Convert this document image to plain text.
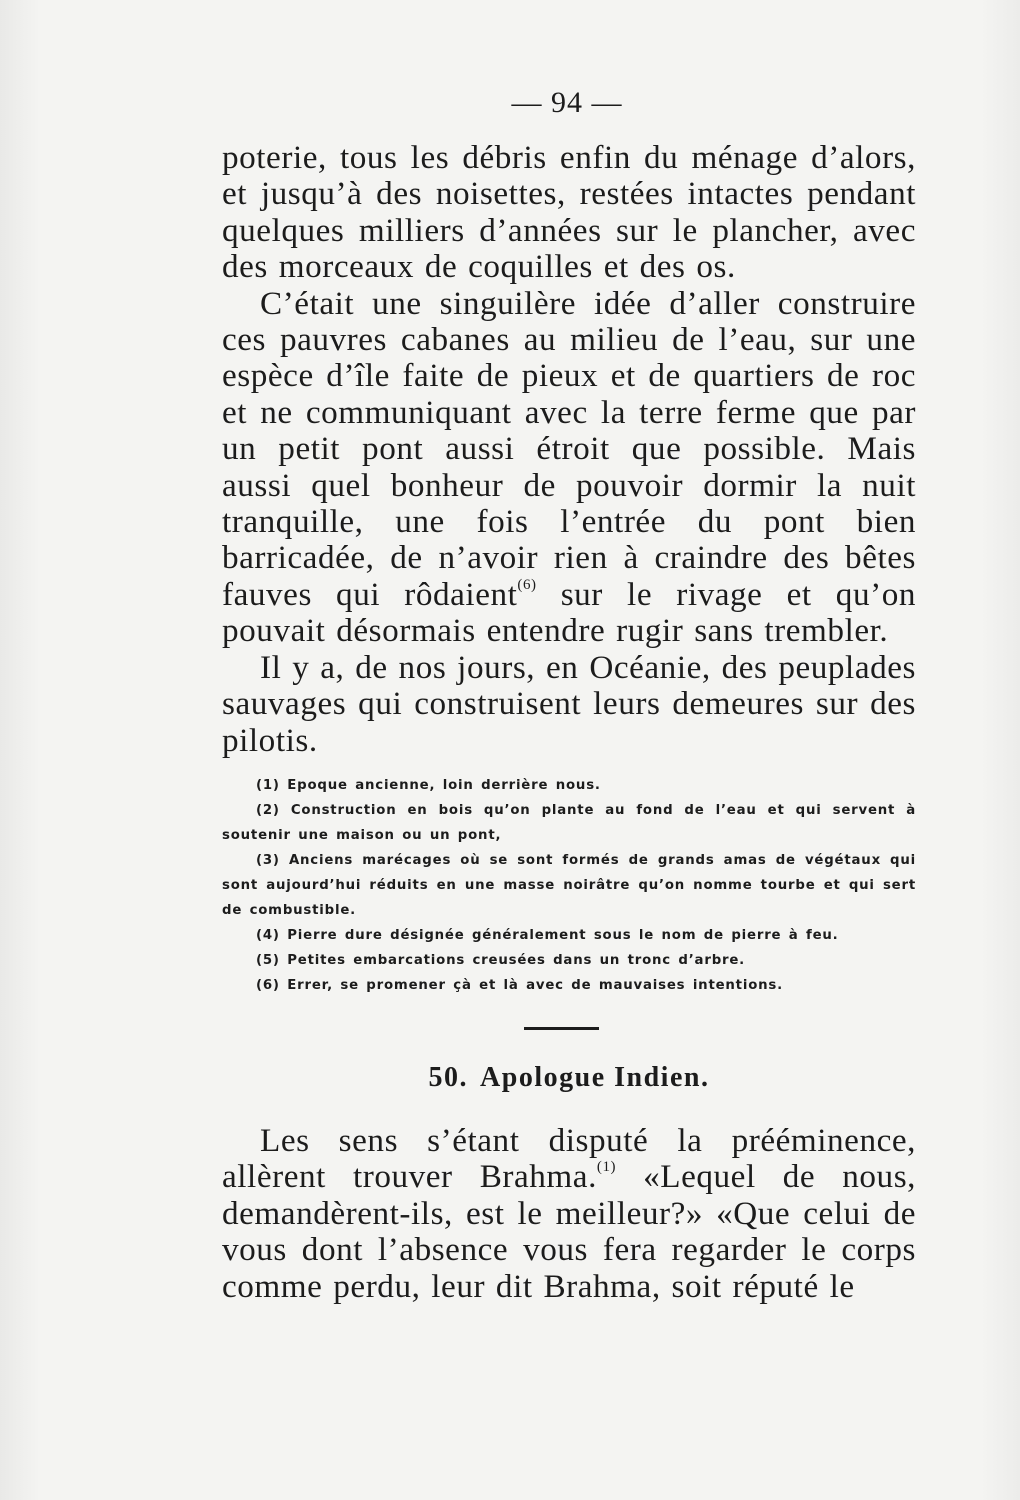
— 94 —

poterie, tous les débris enfin du ménage d’alors, et jusqu’à des noisettes, restées intactes pendant quelques milliers d’années sur le plancher, avec des morceaux de coquilles et des os.

C’était une singuilère idée d’aller construire ces pauvres cabanes au milieu de l’eau, sur une espèce d’île faite de pieux et de quartiers de roc et ne communiquant avec la terre ferme que par un petit pont aussi étroit que possible. Mais aussi quel bonheur de pouvoir dormir la nuit tranquille, une fois l’entrée du pont bien barricadée, de n’avoir rien à craindre des bêtes fauves qui rôdaient$^{(6)}$ sur le rivage et qu’on pouvait désormais entendre rugir sans trembler.

Il y a, de nos jours, en Océanie, des peuplades sauvages qui construisent leurs demeures sur des pilotis.

(1) Epoque ancienne, loin derrière nous.

(2) Construction en bois qu’on plante au fond de l’eau et qui servent à soutenir une maison ou un pont,

(3) Anciens marécages où se sont formés de grands amas de végétaux qui sont aujourd’hui réduits en une masse noirâtre qu’on nomme tourbe et qui sert de combustible.

(4) Pierre dure désignée généralement sous le nom de pierre à feu.

(5) Petites embarcations creusées dans un tronc d’arbre.

(6) Errer, se promener çà et là avec de mauvaises intentions.

50. Apologue Indien.

Les sens s’étant disputé la prééminence, allèrent trouver Brahma.$^{(1)}$ «Lequel de nous, demandèrent-ils, est le meilleur?» «Que celui de vous dont l’absence vous fera regarder le corps comme perdu, leur dit Brahma, soit réputé le
